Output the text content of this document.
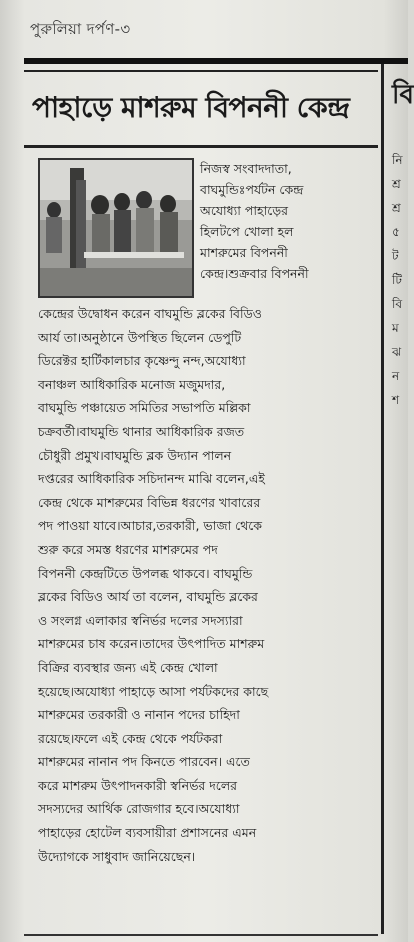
পুরুলিয়া দর্পণ-৩
পাহাড়ে মাশরুম বিপননী কেন্দ্র

নিজস্ব সংবাদদাতা,

বাঘমুন্ডিঃপর্যটন কেন্দ্র

অযোধ্যা পাহাড়ের

হিলটপে খোলা হল

মাশরুমের বিপননী

কেন্দ্র।শুক্রবার বিপননী

কেন্দ্রের উদ্বোধন করেন বাঘমুন্ডি ব্লকের বিডিও

আর্য তা।অনুষ্ঠানে উপস্থিত ছিলেন ডেপুটি

ডিরেক্টর হার্টিকালচার কৃষ্ণেন্দু নন্দ,অযোধ্যা

বনাঞ্চল আধিকারিক মনোজ মজুমদার,

বাঘমুন্ডি পঞ্চায়েত সমিতির সভাপতি মল্লিকা

চক্রবর্তী।বাঘমুন্ডি থানার আধিকারিক রজত

চৌধুরী প্রমুখ।বাঘমুন্ডি ব্লক উদ্যান পালন

দপ্তরের আধিকারিক সচিদানন্দ মাঝি বলেন,এই

কেন্দ্র থেকে মাশরুমের বিভিন্ন ধরণের খাবারের

পদ পাওয়া যাবে।আচার,তরকারী, ভাজা থেকে

শুরু করে সমস্ত ধরণের মাশরুমের পদ

বিপননী কেন্দ্রটিতে উপলব্ধ থাকবে। বাঘমুন্ডি

ব্লকের বিডিও আর্য তা বলেন, বাঘমুন্ডি ব্লকের

ও সংলগ্ন এলাকার স্বনির্ভর দলের সদস্যারা

মাশরুমের চাষ করেন।তাদের উৎপাদিত মাশরুম

বিক্রির ব্যবস্থার জন্য এই কেন্দ্র খোলা

হয়েছে।অযোধ্যা পাহাড়ে আসা পর্যটকদের কাছে

মাশরুমের তরকারী ও নানান পদের চাহিদা

রয়েছে।ফলে এই কেন্দ্র থেকে পর্যটকরা

মাশরুমের নানান পদ কিনতে পারবেন। এতে

করে মাশরুম উৎপাদনকারী স্বনির্ভর দলের

সদস্যদের আর্থিক রোজগার হবে।অযোধ্যা

পাহাড়ের হোটেল ব্যবসায়ীরা প্রশাসনের এমন

উদ্যোগকে সাধুবাদ জানিয়েছেন।

বি
নি
শ্র
শ্র
৫
ট
টি
বি
ম
ঝ
ন
শ
